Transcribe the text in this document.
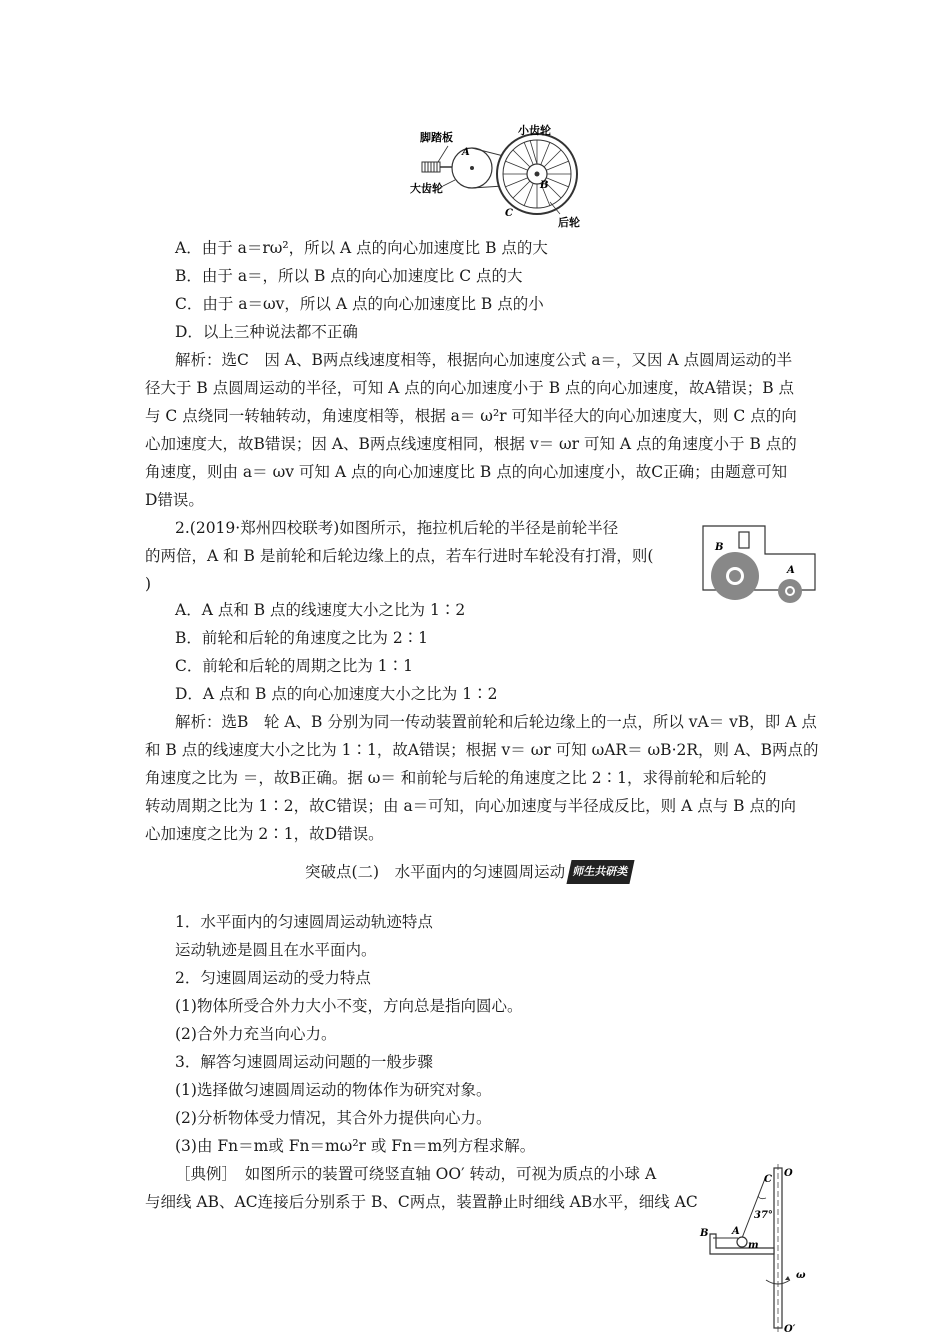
脚踏板
小齿轮
大齿轮
后轮
A
B
C
A．由于 a＝rω²，所以 A 点的向心加速度比 B 点的大
B．由于 a＝，所以 B 点的向心加速度比 C 点的大
C．由于 a＝ωv，所以 A 点的向心加速度比 B 点的小
D．以上三种说法都不正确
解析：选C　因 A、B两点线速度相等，根据向心加速度公式 a＝，又因 A 点圆周运动的半
径大于 B 点圆周运动的半径，可知 A 点的向心加速度小于 B 点的向心加速度，故A错误；B 点
与 C 点绕同一转轴转动，角速度相等，根据 a＝ ω²r 可知半径大的向心加速度大，则 C 点的向
心加速度大，故B错误；因 A、B两点线速度相同，根据 v＝ ωr 可知 A 点的角速度小于 B 点的
角速度，则由 a＝ ωv 可知 A 点的向心加速度比 B 点的向心加速度小，故C正确；由题意可知
D错误。
2.(2019·郑州四校联考)如图所示，拖拉机后轮的半径是前轮半径
的两倍，A 和 B 是前轮和后轮边缘上的点，若车行进时车轮没有打滑，则(
)
B
A
A．A 点和 B 点的线速度大小之比为 1∶2
B．前轮和后轮的角速度之比为 2∶1
C．前轮和后轮的周期之比为 1∶1
D．A 点和 B 点的向心加速度大小之比为 1∶2
解析：选B　轮 A、B 分别为同一传动装置前轮和后轮边缘上的一点，所以 vA＝ vB，即 A 点
和 B 点的线速度大小之比为 1∶1，故A错误；根据 v＝ ωr 可知 ωAR＝ ωB·2R，则 A、B两点的
角速度之比为 ＝，故B正确。据 ω＝ 和前轮与后轮的角速度之比 2∶1，求得前轮和后轮的
转动周期之比为 1∶2，故C错误；由 a＝可知，向心加速度与半径成反比，则 A 点与 B 点的向
心加速度之比为 2∶1，故D错误。
突破点(二)　水平面内的匀速圆周运动 师生共研类
1．水平面内的匀速圆周运动轨迹特点
运动轨迹是圆且在水平面内。
2．匀速圆周运动的受力特点
(1)物体所受合外力大小不变，方向总是指向圆心。
(2)合外力充当向心力。
3．解答匀速圆周运动问题的一般步骤
(1)选择做匀速圆周运动的物体作为研究对象。
(2)分析物体受力情况，其合外力提供向心力。
(3)由 Fn＝m或 Fn＝mω²r 或 Fn＝m列方程求解。
［典例］　如图所示的装置可绕竖直轴 OO′ 转动，可视为质点的小球 A
与细线 AB、AC连接后分别系于 B、C两点，装置静止时细线 AB水平，细线 AC
O
C
37°
B A
m
ω
O′
